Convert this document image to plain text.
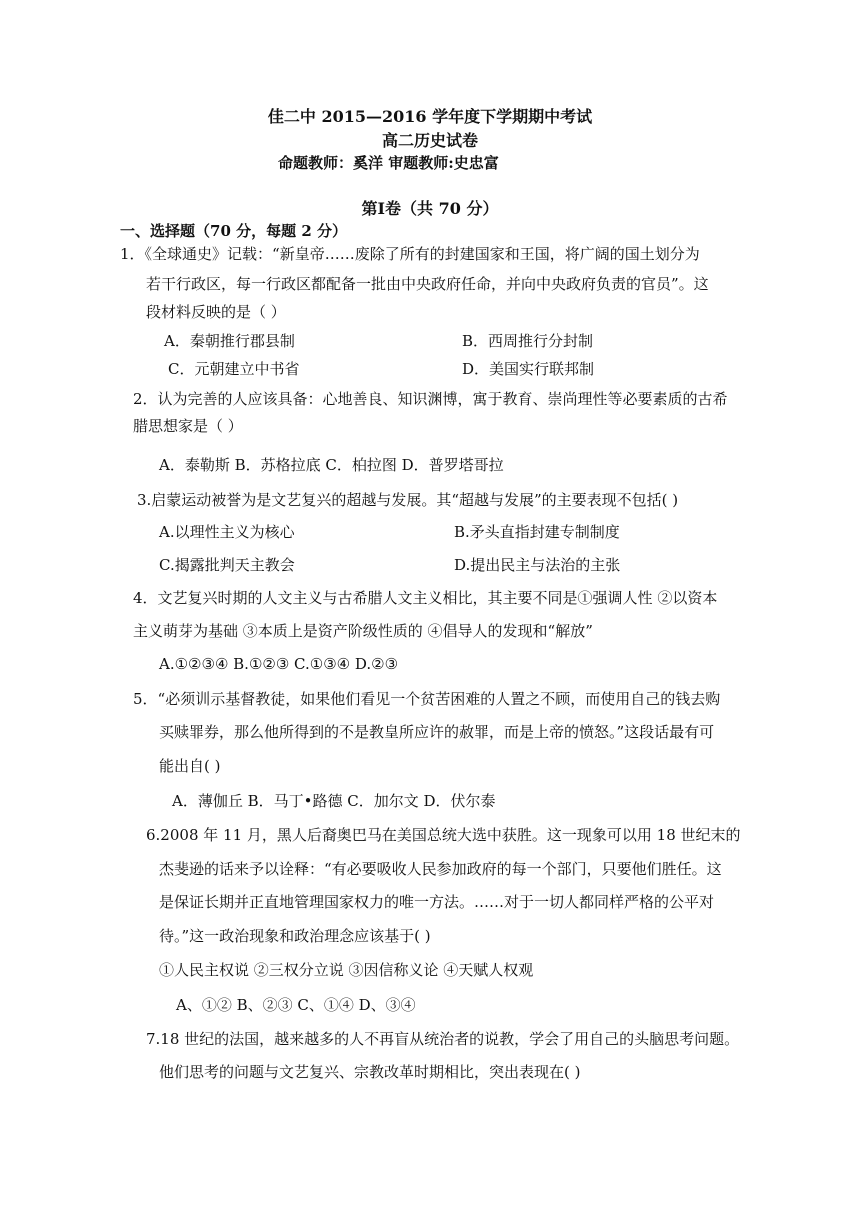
佳二中 2015—2016 学年度下学期期中考试
高二历史试卷
命题教师：奚洋 审题教师:史忠富
第Ⅰ卷（共 70 分）
一、选择题（70 分，每题 2 分）
1．《全球通史》记载：“新皇帝……废除了所有的封建国家和王国，将广阔的国土划分为
若干行政区，每一行政区都配备一批由中央政府任命，并向中央政府负责的官员”。这
段材料反映的是（ ）
A．秦朝推行郡县制	B．西周推行分封制
C．元朝建立中书省	D．美国实行联邦制
2．认为完善的人应该具备：心地善良、知识渊博，寓于教育、崇尚理性等必要素质的古希
腊思想家是（ ）
A．泰勒斯 B．苏格拉底 C．柏拉图 D．普罗塔哥拉
3.启蒙运动被誉为是文艺复兴的超越与发展。其“超越与发展”的主要表现不包括( )
A.以理性主义为核心	B.矛头直指封建专制制度
C.揭露批判天主教会	D.提出民主与法治的主张
4．文艺复兴时期的人文主义与古希腊人文主义相比，其主要不同是①强调人性 ②以资本
主义萌芽为基础 ③本质上是资产阶级性质的 ④倡导人的发现和“解放”
A.①②③④ B.①②③ C.①③④ D.②③
5．“必须训示基督教徒，如果他们看见一个贫苦困难的人置之不顾，而使用自己的钱去购
买赎罪券，那么他所得到的不是教皇所应许的赦罪，而是上帝的愤怒。”这段话最有可
能出自( )
A．薄伽丘 B．马丁•路德 C．加尔文 D．伏尔泰
6.2008 年 11 月，黑人后裔奥巴马在美国总统大选中获胜。这一现象可以用 18 世纪末的
杰斐逊的话来予以诠释：“有必要吸收人民参加政府的每一个部门，只要他们胜任。这
是保证长期并正直地管理国家权力的唯一方法。……对于一切人都同样严格的公平对
待。”这一政治现象和政治理念应该基于( )
①人民主权说 ②三权分立说 ③因信称义论 ④天赋人权观
A、①② B、②③ C、①④ D、③④
7.18 世纪的法国，越来越多的人不再盲从统治者的说教，学会了用自己的头脑思考问题。
他们思考的问题与文艺复兴、宗教改革时期相比，突出表现在( )
